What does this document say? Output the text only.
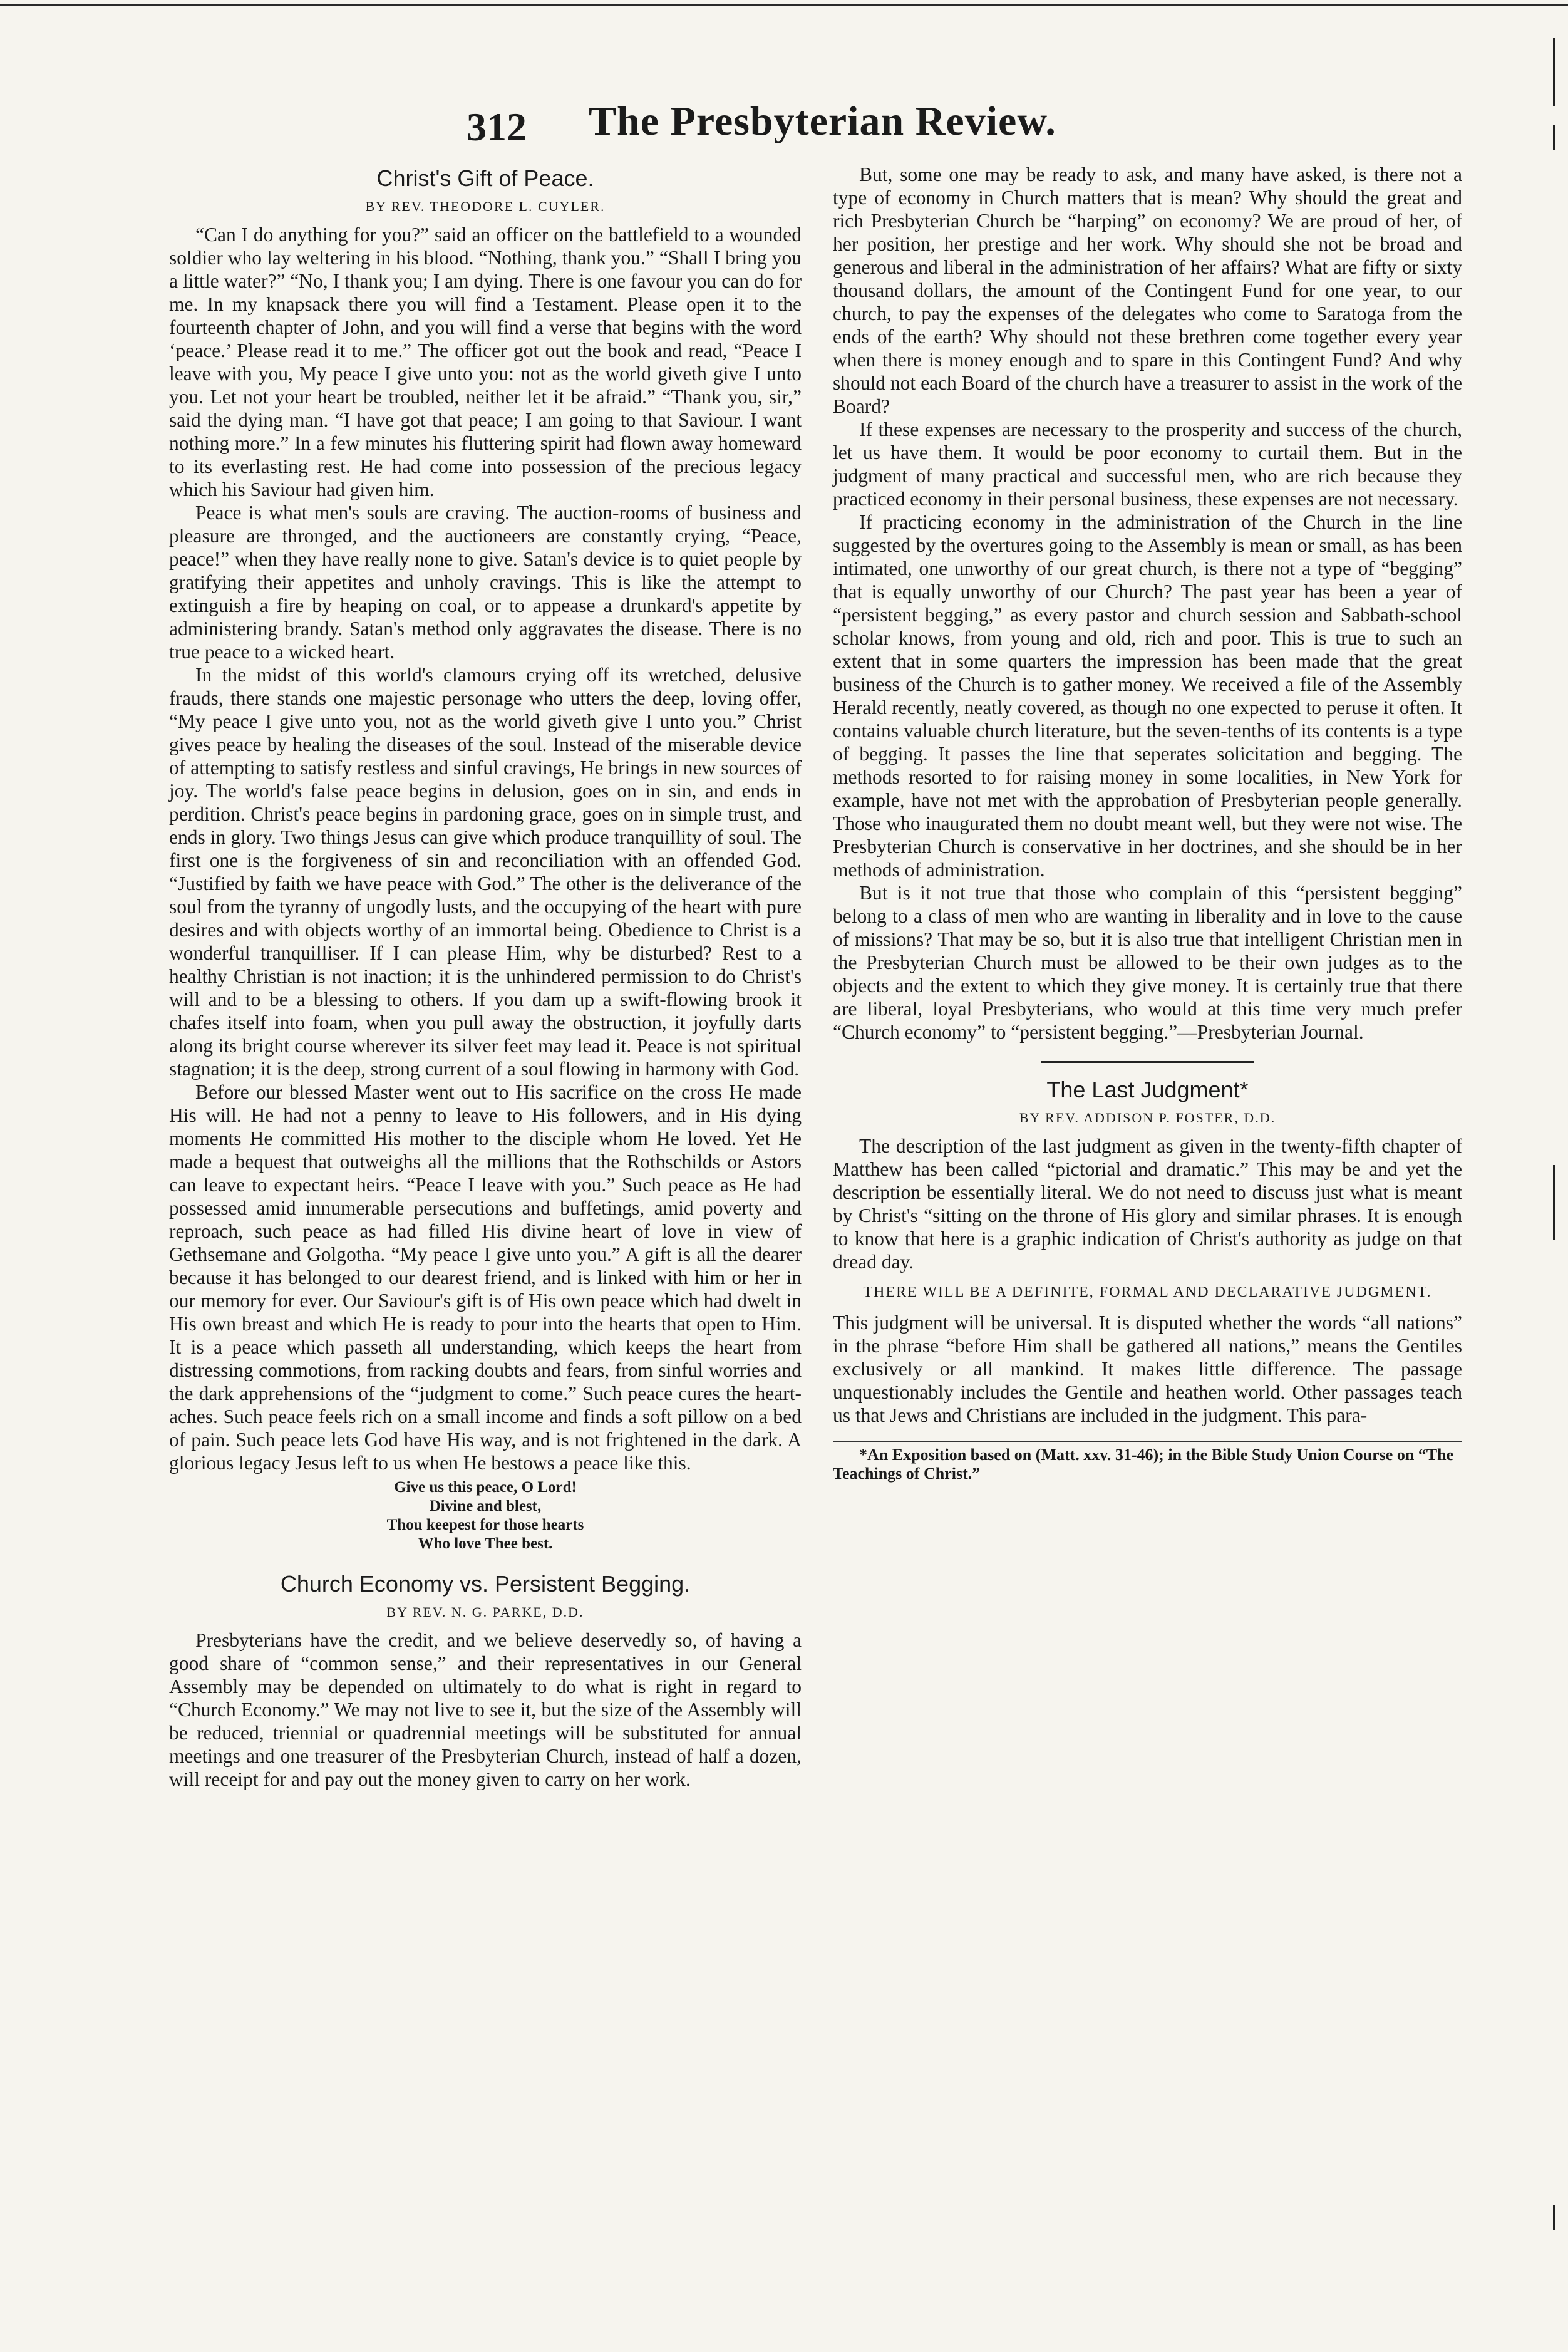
312 The Presbyterian Review.
Christ's Gift of Peace.
BY REV. THEODORE L. CUYLER.

“Can I do anything for you?” said an officer on the battlefield to a wounded soldier who lay weltering in his blood. “Nothing, thank you.” “Shall I bring you a little water?” “No, I thank you; I am dying. There is one favour you can do for me. In my knapsack there you will find a Testament. Please open it to the fourteenth chapter of John, and you will find a verse that begins with the word ‘peace.’ Please read it to me.” The officer got out the book and read, “Peace I leave with you, My peace I give unto you: not as the world giveth give I unto you. Let not your heart be troubled, neither let it be afraid.” “Thank you, sir,” said the dying man. “I have got that peace; I am going to that Saviour. I want nothing more.” In a few minutes his fluttering spirit had flown away homeward to its everlasting rest. He had come into possession of the precious legacy which his Saviour had given him.

Peace is what men's souls are craving. The auction-rooms of business and pleasure are thronged, and the auctioneers are constantly crying, “Peace, peace!” when they have really none to give. Satan's device is to quiet people by gratifying their appetites and unholy cravings. This is like the attempt to extinguish a fire by heaping on coal, or to appease a drunkard's appetite by administering brandy. Satan's method only aggravates the disease. There is no true peace to a wicked heart.

In the midst of this world's clamours crying off its wretched, delusive frauds, there stands one majestic personage who utters the deep, loving offer, “My peace I give unto you, not as the world giveth give I unto you.” Christ gives peace by healing the diseases of the soul. Instead of the miserable device of attempting to satisfy restless and sinful cravings, He brings in new sources of joy. The world's false peace begins in delusion, goes on in sin, and ends in perdition. Christ's peace begins in pardoning grace, goes on in simple trust, and ends in glory. Two things Jesus can give which produce tranquillity of soul. The first one is the forgiveness of sin and reconciliation with an offended God. “Justified by faith we have peace with God.” The other is the deliverance of the soul from the tyranny of ungodly lusts, and the occupying of the heart with pure desires and with objects worthy of an immortal being. Obedience to Christ is a wonderful tranquilliser. If I can please Him, why be disturbed? Rest to a healthy Christian is not inaction; it is the unhindered permission to do Christ's will and to be a blessing to others. If you dam up a swift-flowing brook it chafes itself into foam, when you pull away the obstruction, it joyfully darts along its bright course wherever its silver feet may lead it. Peace is not spiritual stagnation; it is the deep, strong current of a soul flowing in harmony with God.

Before our blessed Master went out to His sacrifice on the cross He made His will. He had not a penny to leave to His followers, and in His dying moments He committed His mother to the disciple whom He loved. Yet He made a bequest that outweighs all the millions that the Rothschilds or Astors can leave to expectant heirs. “Peace I leave with you.” Such peace as He had possessed amid innumerable persecutions and buffetings, amid poverty and reproach, such peace as had filled His divine heart of love in view of Gethsemane and Golgotha. “My peace I give unto you.” A gift is all the dearer because it has belonged to our dearest friend, and is linked with him or her in our memory for ever. Our Saviour's gift is of His own peace which had dwelt in His own breast and which He is ready to pour into the hearts that open to Him. It is a peace which passeth all understanding, which keeps the heart from distressing commotions, from racking doubts and fears, from sinful worries and the dark apprehensions of the “judgment to come.” Such peace cures the heart-aches. Such peace feels rich on a small income and finds a soft pillow on a bed of pain. Such peace lets God have His way, and is not frightened in the dark. A glorious legacy Jesus left to us when He bestows a peace like this.

Give us this peace, O Lord!
Divine and blest,
Thou keepest for those hearts
Who love Thee best.
Church Economy vs. Persistent Begging.
BY REV. N. G. PARKE, D.D.

Presbyterians have the credit, and we believe deservedly so, of having a good share of “common sense,” and their representatives in our General Assembly may be depended on ultimately to do what is right in regard to “Church Economy.” We may not live to see it, but the size of the Assembly will be reduced, triennial or quadrennial meetings will be substituted for annual meetings and one treasurer of the Presbyterian Church, instead of half a dozen, will receipt for and pay out the money given to carry on her work.

But, some one may be ready to ask, and many have asked, is there not a type of economy in Church matters that is mean? Why should the great and rich Presbyterian Church be “harping” on economy? We are proud of her, of her position, her prestige and her work. Why should she not be broad and generous and liberal in the administration of her affairs? What are fifty or sixty thousand dollars, the amount of the Contingent Fund for one year, to our church, to pay the expenses of the delegates who come to Saratoga from the ends of the earth? Why should not these brethren come together every year when there is money enough and to spare in this Contingent Fund? And why should not each Board of the church have a treasurer to assist in the work of the Board?

If these expenses are necessary to the prosperity and success of the church, let us have them. It would be poor economy to curtail them. But in the judgment of many practical and successful men, who are rich because they practiced economy in their personal business, these expenses are not necessary.

If practicing economy in the administration of the Church in the line suggested by the overtures going to the Assembly is mean or small, as has been intimated, one unworthy of our great church, is there not a type of “begging” that is equally unworthy of our Church? The past year has been a year of “persistent begging,” as every pastor and church session and Sabbath-school scholar knows, from young and old, rich and poor. This is true to such an extent that in some quarters the impression has been made that the great business of the Church is to gather money. We received a file of the Assembly Herald recently, neatly covered, as though no one expected to peruse it often. It contains valuable church literature, but the seven-tenths of its contents is a type of begging. It passes the line that seperates solicitation and begging. The methods resorted to for raising money in some localities, in New York for example, have not met with the approbation of Presbyterian people generally. Those who inaugurated them no doubt meant well, but they were not wise. The Presbyterian Church is conservative in her doctrines, and she should be in her methods of administration.

But is it not true that those who complain of this “persistent begging” belong to a class of men who are wanting in liberality and in love to the cause of missions? That may be so, but it is also true that intelligent Christian men in the Presbyterian Church must be allowed to be their own judges as to the objects and the extent to which they give money. It is certainly true that there are liberal, loyal Presbyterians, who would at this time very much prefer “Church economy” to “persistent begging.”—Presbyterian Journal.

The Last Judgment*
BY REV. ADDISON P. FOSTER, D.D.

The description of the last judgment as given in the twenty-fifth chapter of Matthew has been called “pictorial and dramatic.” This may be and yet the description be essentially literal. We do not need to discuss just what is meant by Christ's “sitting on the throne of His glory and similar phrases. It is enough to know that here is a graphic indication of Christ's authority as judge on that dread day.

THERE WILL BE A DEFINITE, FORMAL AND DECLARATIVE JUDGMENT.

This judgment will be universal. It is disputed whether the words “all nations” in the phrase “before Him shall be gathered all nations,” means the Gentiles exclusively or all mankind. It makes little difference. The passage unquestionably includes the Gentile and heathen world. Other passages teach us that Jews and Christians are included in the judgment. This para-

*An Exposition based on (Matt. xxv. 31-46); in the Bible Study Union Course on “The Teachings of Christ.”
